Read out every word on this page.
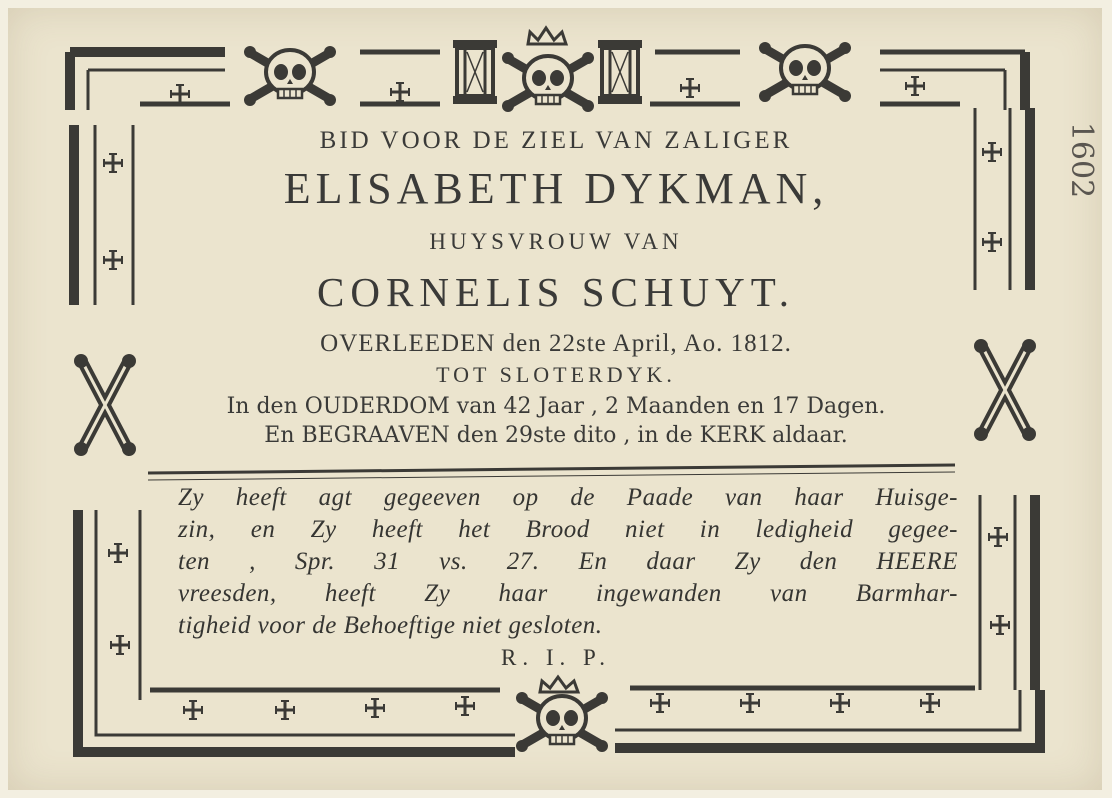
BID VOOR DE ZIEL VAN ZALIGER
ELISABETH DYKMAN,
HUYSVROUW VAN
CORNELIS SCHUYT.
OVERLEEDEN den 22ste April, Ao. 1812.
TOT SLOTERDYK.
In den OUDERDOM van 42 Jaar , 2 Maanden en 17 Dagen.
En BEGRAAVEN den 29ste dito , in de KERK aldaar.
Zy heeft agt gegeeven op de Paade van haar Huisge-
zin, en Zy heeft het Brood niet in ledigheid gegee-
ten , Spr. 31 vs. 27. En daar Zy den HEERE
vreesden, heeft Zy haar ingewanden van Barmhar-
tigheid voor de Behoeftige niet gesloten.
R. I. P.
1602
